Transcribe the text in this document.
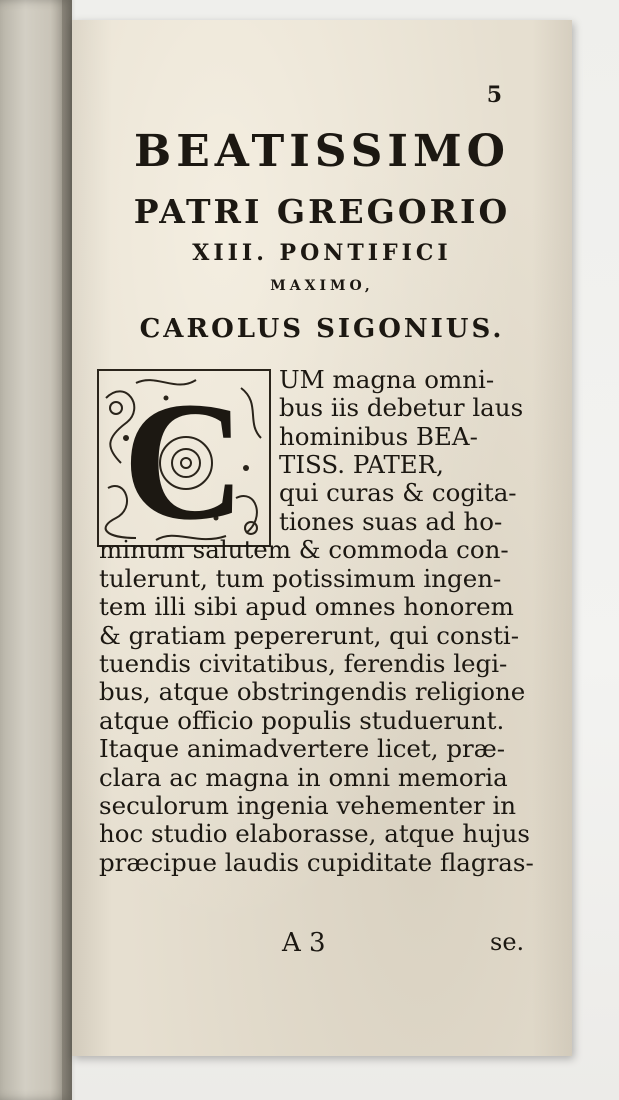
5
BEATISSIMO
PATRI GREGORIO
XIII. PONTIFICI
MAXIMO,
CAROLUS SIGONIUS.
C UM magna omni-
bus iis debetur laus
hominibus BEA-
TISS. PATER,
qui curas & cogita-
tiones suas ad ho-
minum salutem & commoda con-
tulerunt, tum potissimum ingen-
tem illi sibi apud omnes honorem
& gratiam pepererunt, qui consti-
tuendis civitatibus, ferendis legi-
bus, atque obstringendis religione
atque officio populis studuerunt.
Itaque animadvertere licet, præ-
clara ac magna in omni memoria
seculorum ingenia vehementer in
hoc studio elaborasse, atque hujus
præcipue laudis cupiditate flagras-
A 3	se.
